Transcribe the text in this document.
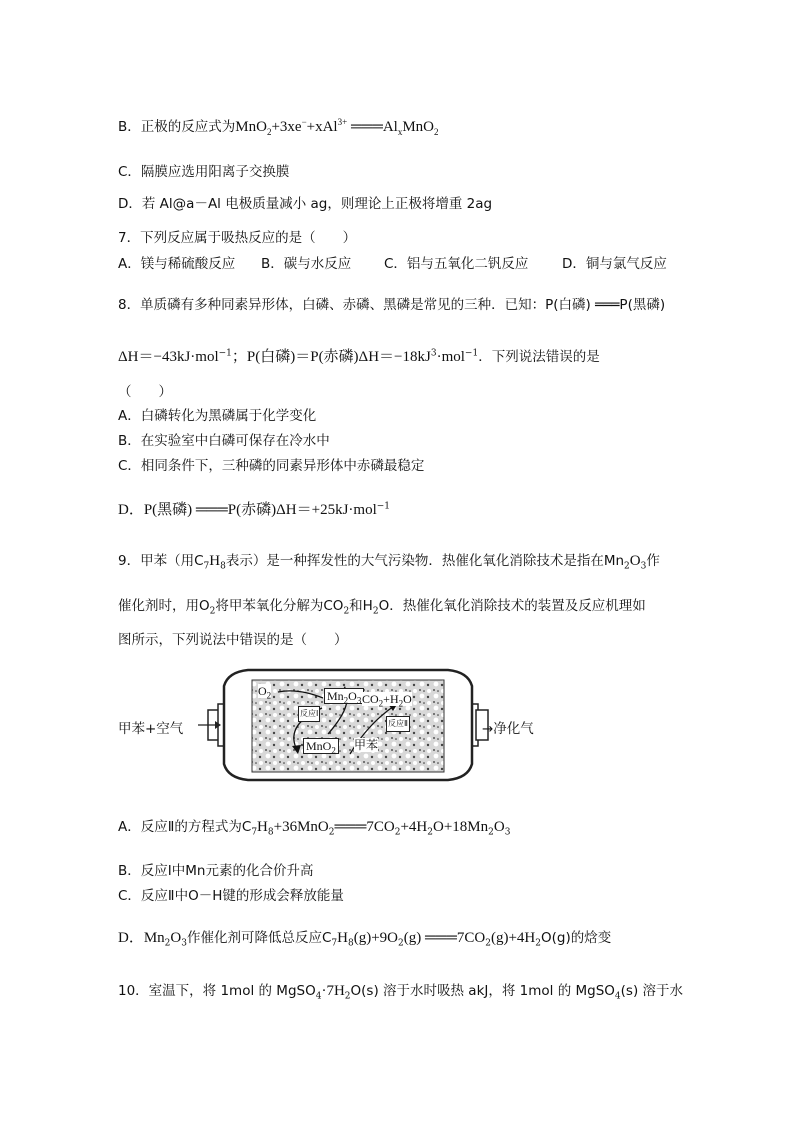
B．正极的反应式为MnO$_2$+3xe−+xAl$^{3+}$ $═══Al_xMnO_2$
C．隔膜应选用阳离子交换膜
D．若 Al@a－Al 电极质量减小 ag，则理论上正极将增重 2ag
7．下列反应属于吸热反应的是（　　）
A．镁与稀硫酸反应 B．碳与水反应 C．铝与五氧化二钒反应 D．铜与氯气反应
8．单质磷有多种同素异形体，白磷、赤磷、黑磷是常见的三种．已知：P(白磷) ═══P(黑磷)
ΔH＝−43kJ·mol$^{-1}$；P(白磷)＝P(赤磷)$\Delta H=-18kJ^3\cdot mol^{-1}$．下列说法错误的是
（　　）
A．白磷转化为黑磷属于化学变化
B．在实验室中白磷可保存在冷水中
C．相同条件下，三种磷的同素异形体中赤磷最稳定
D．P(黑磷) ═══P(赤磷)ΔH＝+25kJ·mol$^{-1}$
9．甲苯（用$C_7H_8$表示）是一种挥发性的大气污染物．热催化氧化消除技术是指在$Mn_2O_3$作
催化剂时，用$O_2$将甲苯氧化分解为$CO_2$和$H_2O$．热催化氧化消除技术的装置及反应机理如
图所示，下列说法中错误的是（　　）
甲苯+空气	→净化气
$O_2$	$Mn_2O_3$ $CO_2+H_2O$
MnO$_2$ 甲苯
反应Ⅰ
反应Ⅱ
A．反应Ⅱ的方程式为$C_7H_8+36MnO_2═══7CO_2+4H_2O+18Mn_2O_3$
B．反应Ⅰ中Mn元素的化合价升高
C．反应Ⅱ中O－H键的形成会释放能量
D．$Mn_2O_3$作催化剂可降低总反应$C_7H_8(g)+9O_2(g)$ $═══7CO_2(g)+4H_2O(g)$的焓变
10．室温下，将 1mol 的 $MgSO_4\cdot 7H_2O(s)$ 溶于水时吸热 akJ，将 1mol 的 MgSO$_4$(s) 溶于水
